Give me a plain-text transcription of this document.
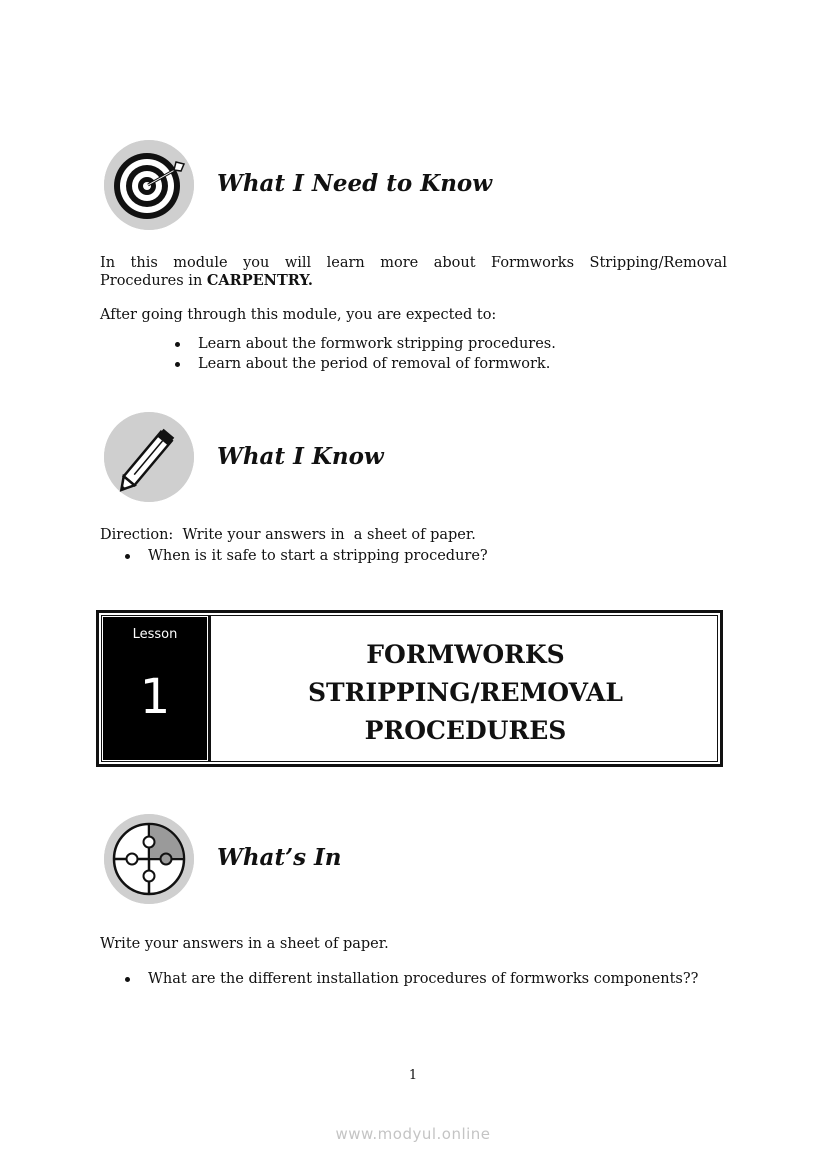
What I Need to Know
In this module you will learn more about Formworks Stripping/Removal
Procedures in CARPENTRY.
After going through this module, you are expected to:
Learn about the formwork stripping procedures.
Learn about the period of removal of formwork.
What I Know
Direction:  Write your answers in  a sheet of paper.
When is it safe to start a stripping procedure?
Lesson
1
FORMWORKS
STRIPPING/REMOVAL
PROCEDURES
What’s In
Write your answers in a sheet of paper.
What are the different installation procedures of formworks components??
1
www.modyul.online
